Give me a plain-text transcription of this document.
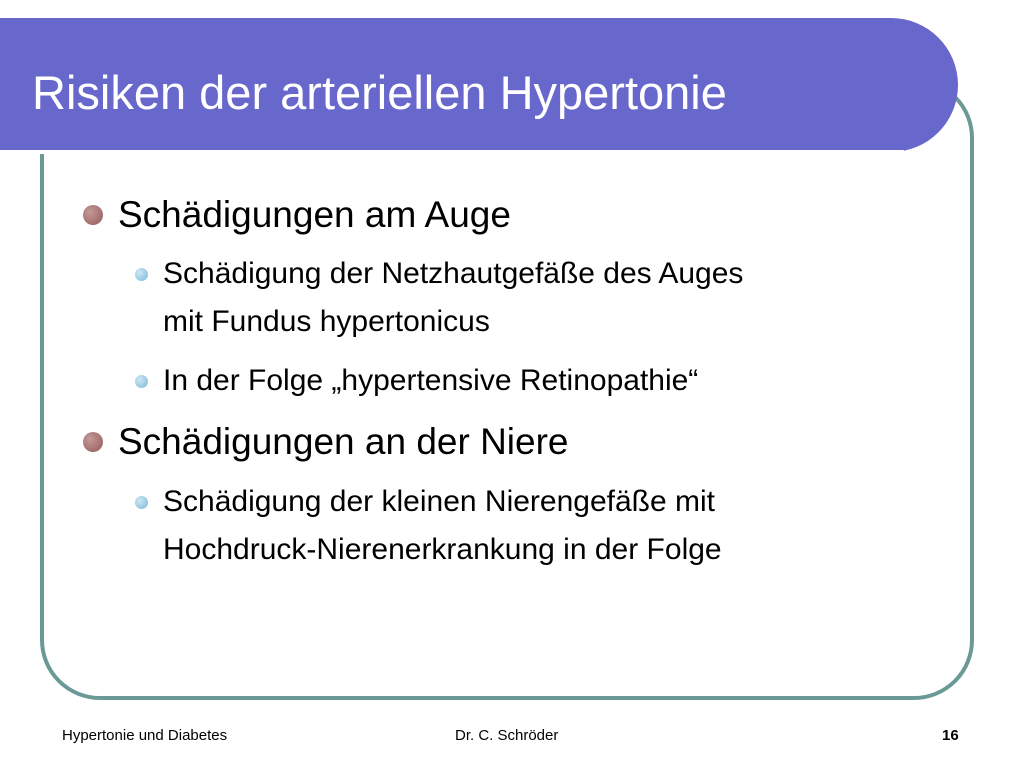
Risiken der arteriellen Hypertonie
Schädigungen am Auge
Schädigung der Netzhautgefäße des Auges
mit Fundus hypertonicus
In der Folge „hypertensive Retinopathie“
Schädigungen an der Niere
Schädigung der kleinen Nierengefäße mit
Hochdruck-Nierenerkrankung in der Folge
Hypertonie und Diabetes	Dr. C. Schröder	16
